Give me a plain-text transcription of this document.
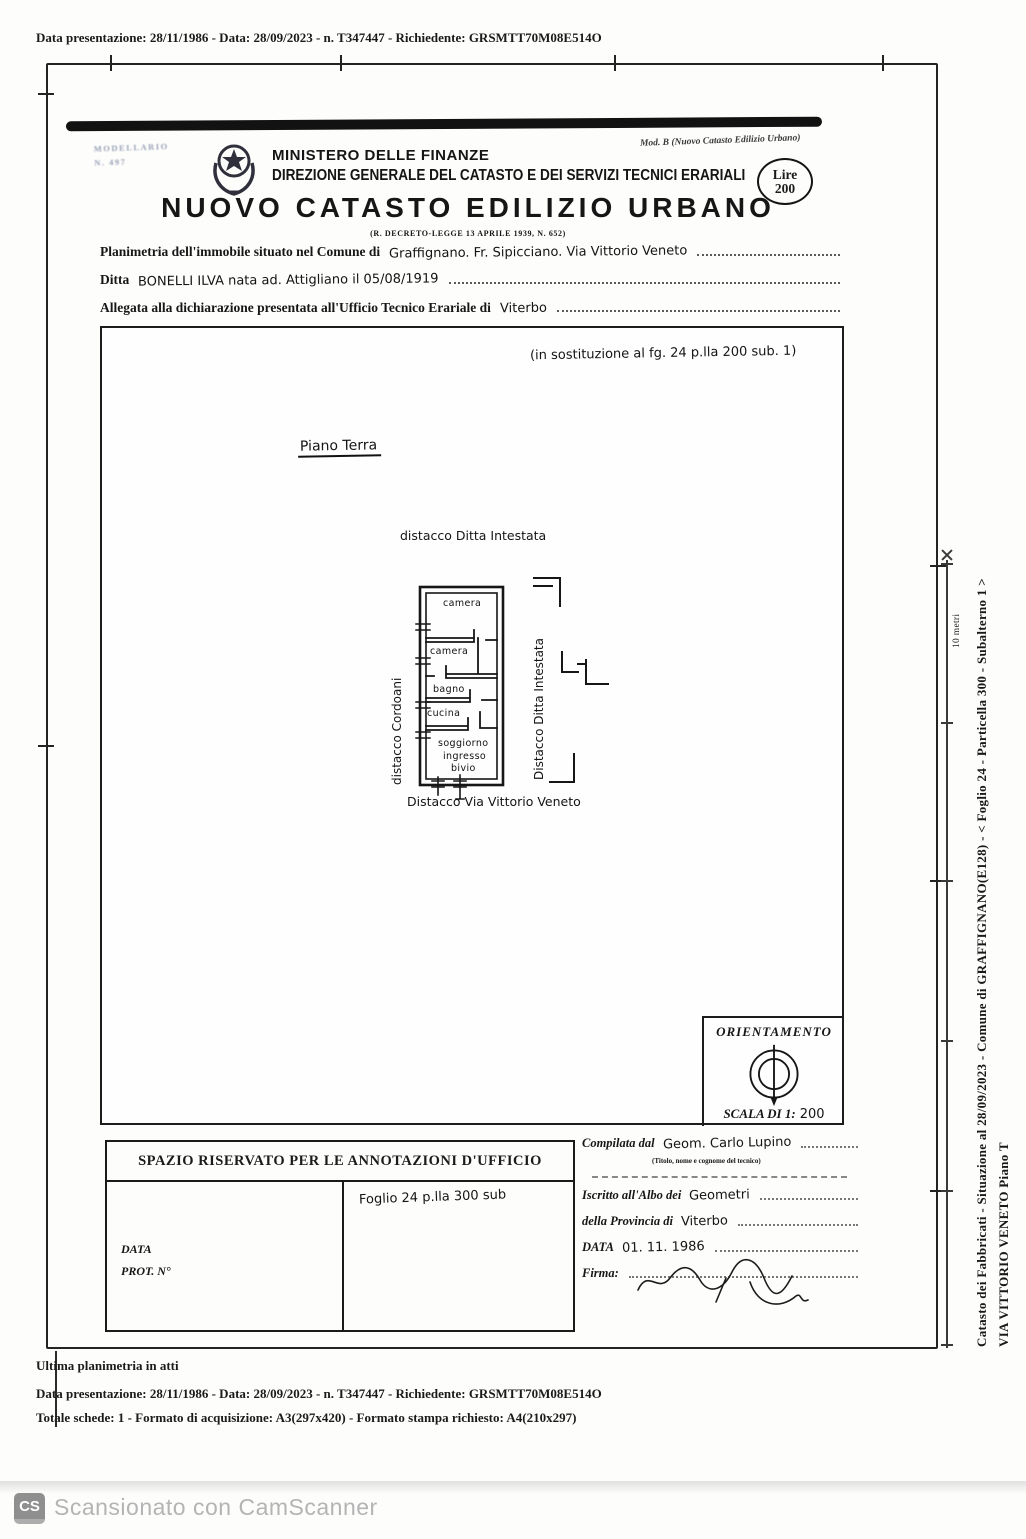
Data presentazione: 28/11/1986 - Data: 28/09/2023 - n. T347447 - Richiedente: GRSMTT70M08E514O
MODELLARIO
N. 497	MINISTERO DELLE FINANZE
DIREZIONE GENERALE DEL CATASTO E DEI SERVIZI TECNICI ERARIALI
Mod. B (Nuovo Catasto Edilizio Urbano)
Lire
200
NUOVO CATASTO EDILIZIO URBANO
(R. DECRETO-LEGGE 13 APRILE 1939, N. 652)
Planimetria dell'immobile situato nel Comune di Graffignano. Fr. Sipicciano. Via Vittorio Veneto
Ditta BONELLI ILVA nata ad. Attigliano il 05/08/1919
Allegata alla dichiarazione presentata all'Ufficio Tecnico Erariale di Viterbo
(in sostituzione al fg. 24 p.lla 200 sub. 1)
Piano Terra
distacco Ditta Intestata
camera
camera
bagno
cucina
soggiorno
ingresso
bivio
distacco Cordoani	Distacco Ditta Intestata
Distacco Via Vittorio Veneto
ORIENTAMENTO
SCALA DI 1: 200
SPAZIO RISERVATO PER LE ANNOTAZIONI D'UFFICIO
DATA
PROT. N°
Foglio 24 p.lla 300 sub
Compilata dal Geom. Carlo Lupino
(Titolo, nome e cognome del tecnico)
Iscritto all'Albo dei Geometri
della Provincia di Viterbo
DATA 01. 11. 1986
Firma:
10 metri Catasto dei Fabbricati - Situazione al 28/09/2023 - Comune di GRAFFIGNANO(E128) - < Foglio 24 - Particella 300 - Subalterno 1 > VIA VITTORIO VENETO Piano T
Ultima planimetria in atti
Data presentazione: 28/11/1986 - Data: 28/09/2023 - n. T347447 - Richiedente: GRSMTT70M08E514O
Totale schede: 1 - Formato di acquisizione: A3(297x420) - Formato stampa richiesto: A4(210x297)
CS Scansionato con CamScanner
